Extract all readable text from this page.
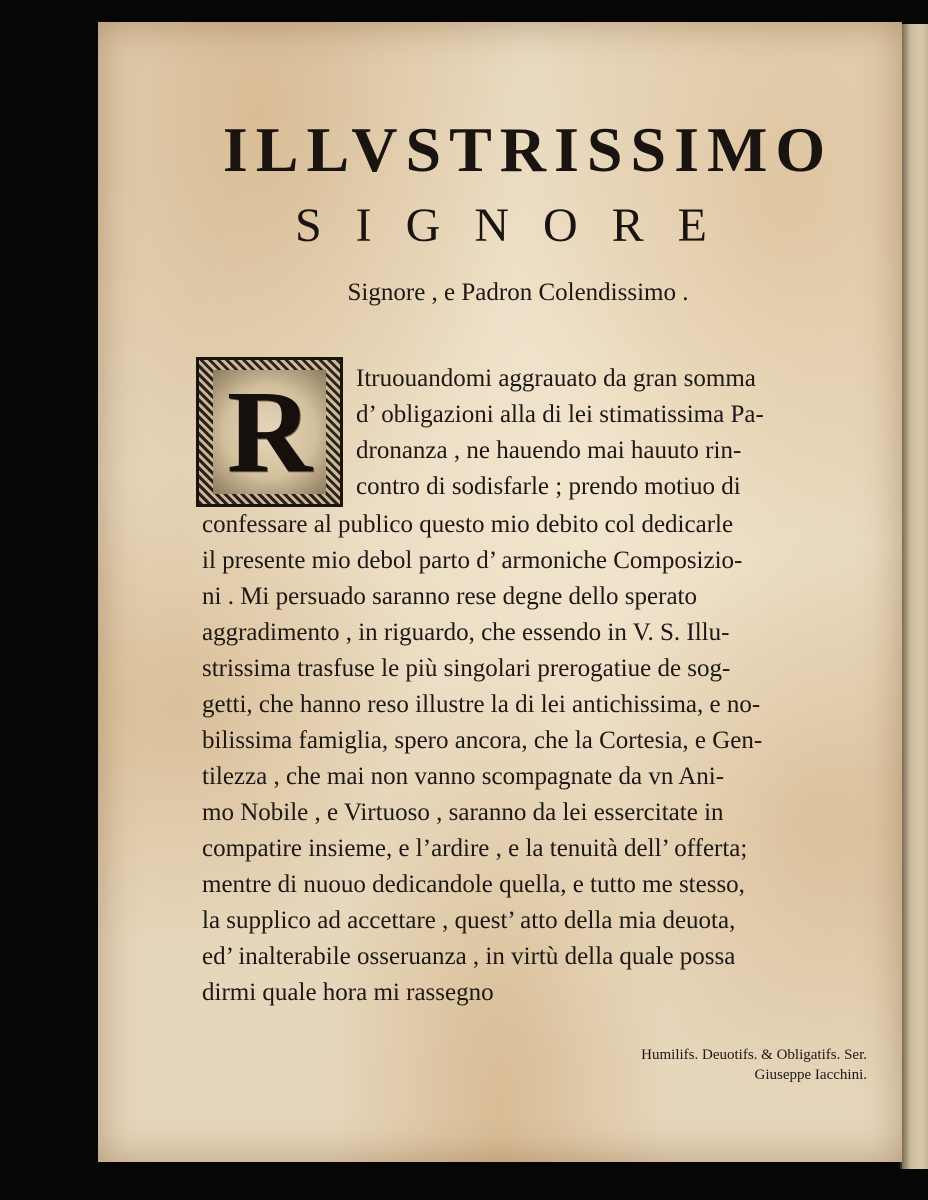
ILLVSTRISSIMO
SIGNORE
Signore , e Padron Colendissimo .
R Itruouandomi aggrauato da gran somma
d’ obligazioni alla di lei stimatissima Pa-
dronanza , ne hauendo mai hauuto rin-
contro di sodisfarle ; prendo motiuo di
confessare al publico questo mio debito col dedicarle
il presente mio debol parto d’ armoniche Composizio-
ni . Mi persuado saranno rese degne dello sperato
aggradimento , in riguardo, che essendo in V. S. Illu-
strissima trasfuse le più singolari prerogatiue de sog-
getti, che hanno reso illustre la di lei antichissima, e no-
bilissima famiglia, spero ancora, che la Cortesia, e Gen-
tilezza , che mai non vanno scompagnate da vn Ani-
mo Nobile , e Virtuoso , saranno da lei essercitate in
compatire insieme, e l’ardire , e la tenuità dell’ offerta;
mentre di nuouo dedicandole quella, e tutto me stesso,
la supplico ad accettare , quest’ atto della mia deuota,
ed’ inalterabile osseruanza , in virtù della quale possa
dirmi quale hora mi rassegno
Humilifs. Deuotifs. & Obligatifs. Ser.
Giuseppe Iacchini.
